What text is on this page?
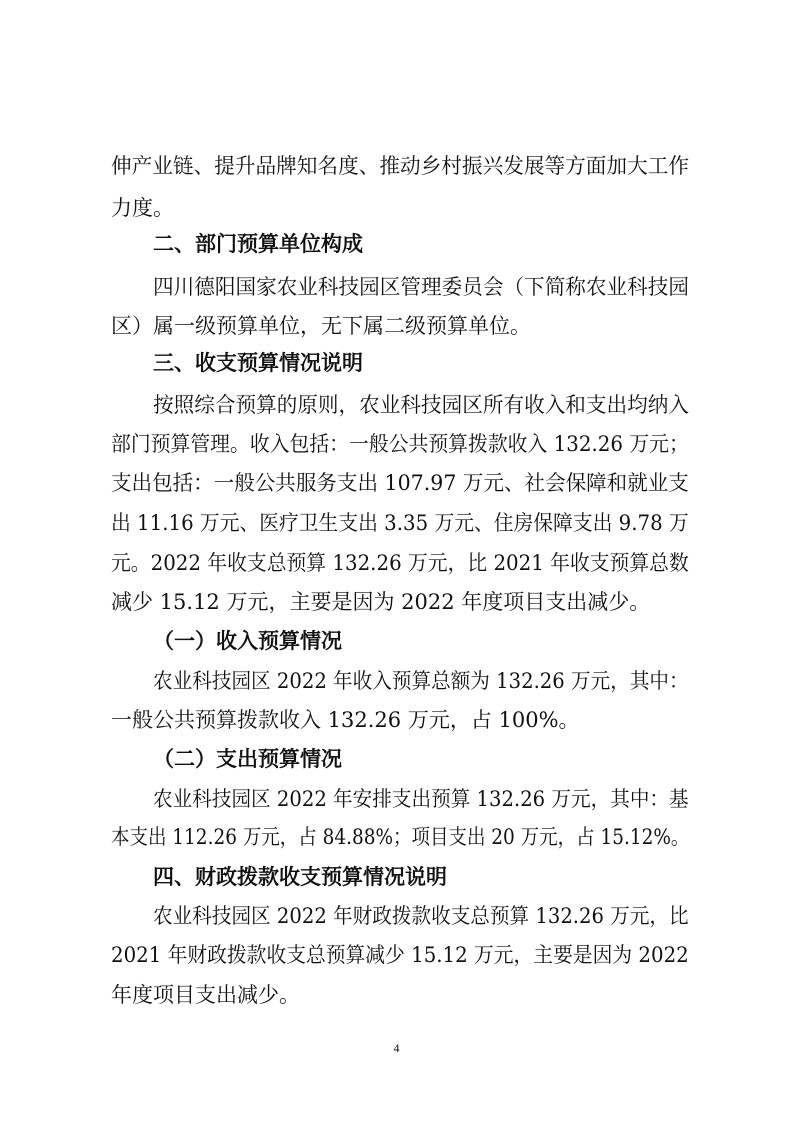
伸产业链、提升品牌知名度、推动乡村振兴发展等方面加大工作
力度。
二、部门预算单位构成
四川德阳国家农业科技园区管理委员会（下简称农业科技园
区）属一级预算单位，无下属二级预算单位。
三、收支预算情况说明
按照综合预算的原则，农业科技园区所有收入和支出均纳入
部门预算管理。收入包括：一般公共预算拨款收入 132.26 万元；
支出包括：一般公共服务支出 107.97 万元、社会保障和就业支
出 11.16 万元、医疗卫生支出 3.35 万元、住房保障支出 9.78 万
元。2022 年收支总预算 132.26 万元，比 2021 年收支预算总数
减少 15.12 万元，主要是因为 2022 年度项目支出减少。
（一）收入预算情况
农业科技园区 2022 年收入预算总额为 132.26 万元，其中：
一般公共预算拨款收入 132.26 万元，占 100%。
（二）支出预算情况
农业科技园区 2022 年安排支出预算 132.26 万元，其中：基
本支出 112.26 万元，占 84.88%；项目支出 20 万元，占 15.12%。
四、财政拨款收支预算情况说明
农业科技园区 2022 年财政拨款收支总预算 132.26 万元，比
2021 年财政拨款收支总预算减少 15.12 万元，主要是因为 2022
年度项目支出减少。
4
